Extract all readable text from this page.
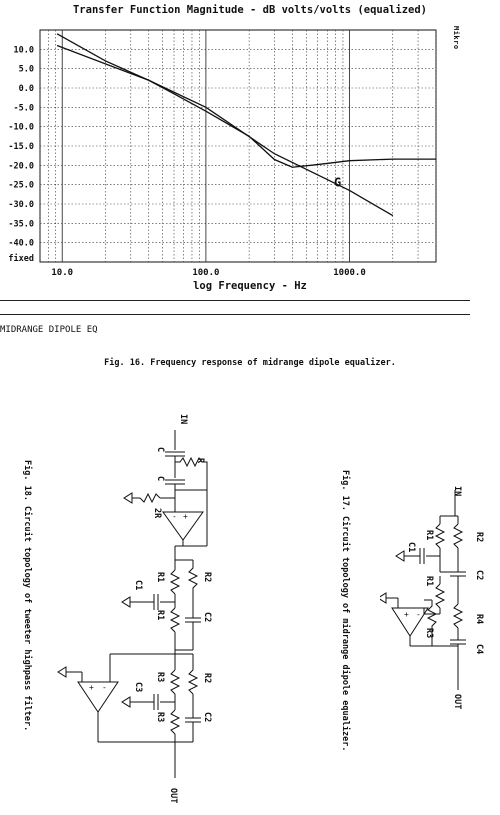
Transfer Function Magnitude - dB volts/volts (equalized)
Mikro
10.0
5.0
0.0
-5.0
-10.0
-15.0
-20.0
-25.0
-30.0
-35.0
-40.0
fixed
10.0	100.0	1000.0
G
log Frequency - Hz
MIDRANGE DIPOLE EQ
Fig. 16. Frequency response of midrange dipole equalizer.
Fig. 18. Circuit topology of tweeter highpass filter.
IN
C
R
C
2R	+
-
R1	R2
C1
R1	C2
+ -
R2
C3
R3
R3
C2
OUT
Fig. 17. Circuit topology of midrange dipole equalizer.	IN
R1	R2
C1
C2
R1
R4
C4
R3
+ -
OUT
